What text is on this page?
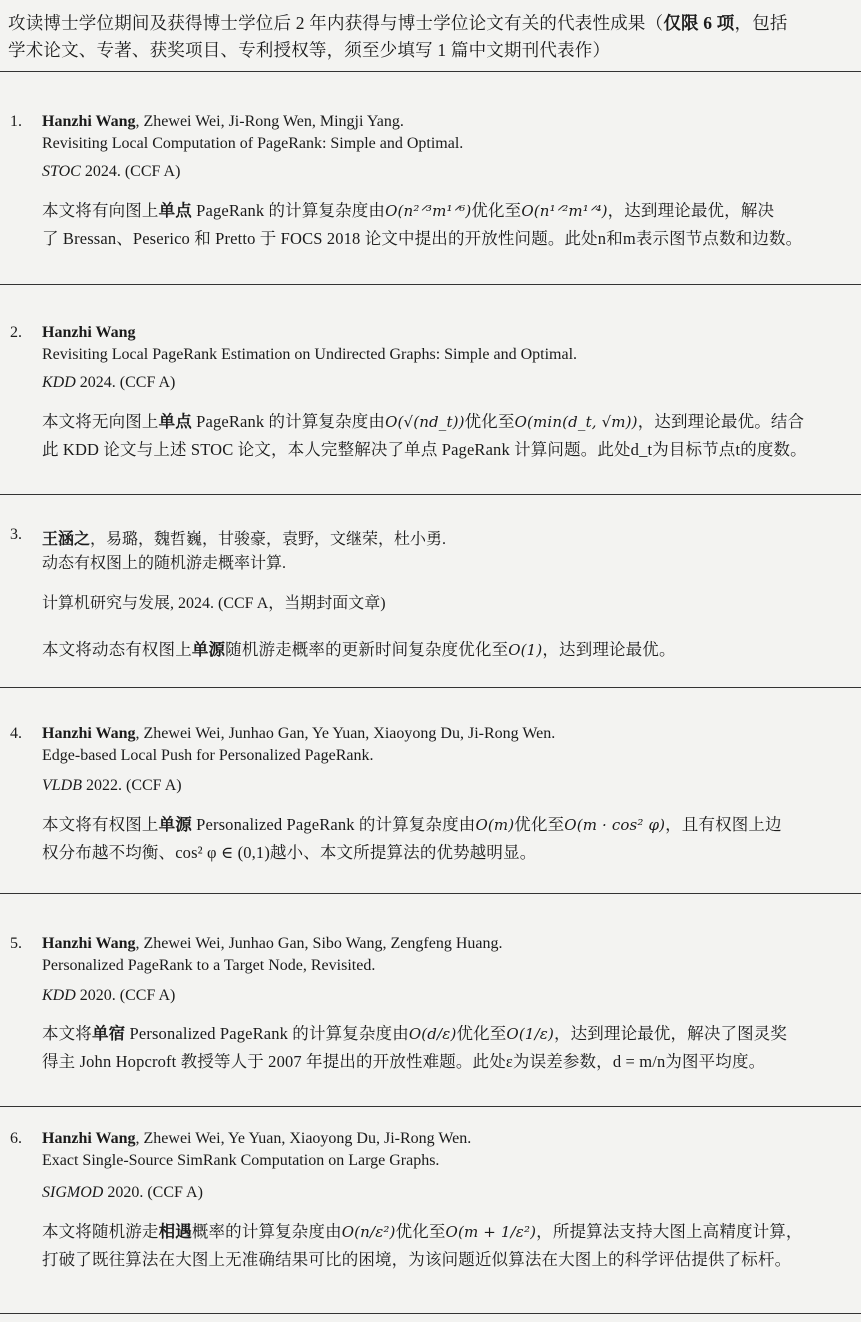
攻读博士学位期间及获得博士学位后 2 年内获得与博士学位论文有关的代表性成果（仅限 6 项，包括
学术论文、专著、获奖项目、专利授权等，须至少填写 1 篇中文期刊代表作）
1. Hanzhi Wang, Zhewei Wei, Ji-Rong Wen, Mingji Yang.
Revisiting Local Computation of PageRank: Simple and Optimal.
STOC 2024. (CCF A)
本文将有向图上单点 PageRank 的计算复杂度由O(n²ᐟ³m¹ᐟ⁶)优化至O(n¹ᐟ²m¹ᐟ⁴)，达到理论最优，解决
了 Bressan、Peserico 和 Pretto 于 FOCS 2018 论文中提出的开放性问题。此处n和m表示图节点数和边数。
2. Hanzhi Wang
Revisiting Local PageRank Estimation on Undirected Graphs: Simple and Optimal.
KDD 2024. (CCF A)
本文将无向图上单点 PageRank 的计算复杂度由O(√(nd_t))优化至O(min(d_t, √m))，达到理论最优。结合
此 KDD 论文与上述 STOC 论文，本人完整解决了单点 PageRank 计算问题。此处d_t为目标节点t的度数。
3. 王涵之，易璐，魏哲巍，甘骏豪，袁野，文继荣，杜小勇.
动态有权图上的随机游走概率计算.
计算机研究与发展, 2024. (CCF A，当期封面文章)
本文将动态有权图上单源随机游走概率的更新时间复杂度优化至O(1)，达到理论最优。
4. Hanzhi Wang, Zhewei Wei, Junhao Gan, Ye Yuan, Xiaoyong Du, Ji-Rong Wen.
Edge-based Local Push for Personalized PageRank.
VLDB 2022. (CCF A)
本文将有权图上单源 Personalized PageRank 的计算复杂度由O(m)优化至O(m · cos² φ)，且有权图上边
权分布越不均衡、cos² φ ∈ (0,1)越小、本文所提算法的优势越明显。
5. Hanzhi Wang, Zhewei Wei, Junhao Gan, Sibo Wang, Zengfeng Huang.
Personalized PageRank to a Target Node, Revisited.
KDD 2020. (CCF A)
本文将单宿 Personalized PageRank 的计算复杂度由O(d/ε)优化至O(1/ε)，达到理论最优，解决了图灵奖
得主 John Hopcroft 教授等人于 2007 年提出的开放性难题。此处ε为误差参数，d = m/n为图平均度。
6. Hanzhi Wang, Zhewei Wei, Ye Yuan, Xiaoyong Du, Ji-Rong Wen.
Exact Single-Source SimRank Computation on Large Graphs.
SIGMOD 2020. (CCF A)
本文将随机游走相遇概率的计算复杂度由O(n/ε²)优化至O(m + 1/ε²)，所提算法支持大图上高精度计算，
打破了既往算法在大图上无准确结果可比的困境，为该问题近似算法在大图上的科学评估提供了标杆。
